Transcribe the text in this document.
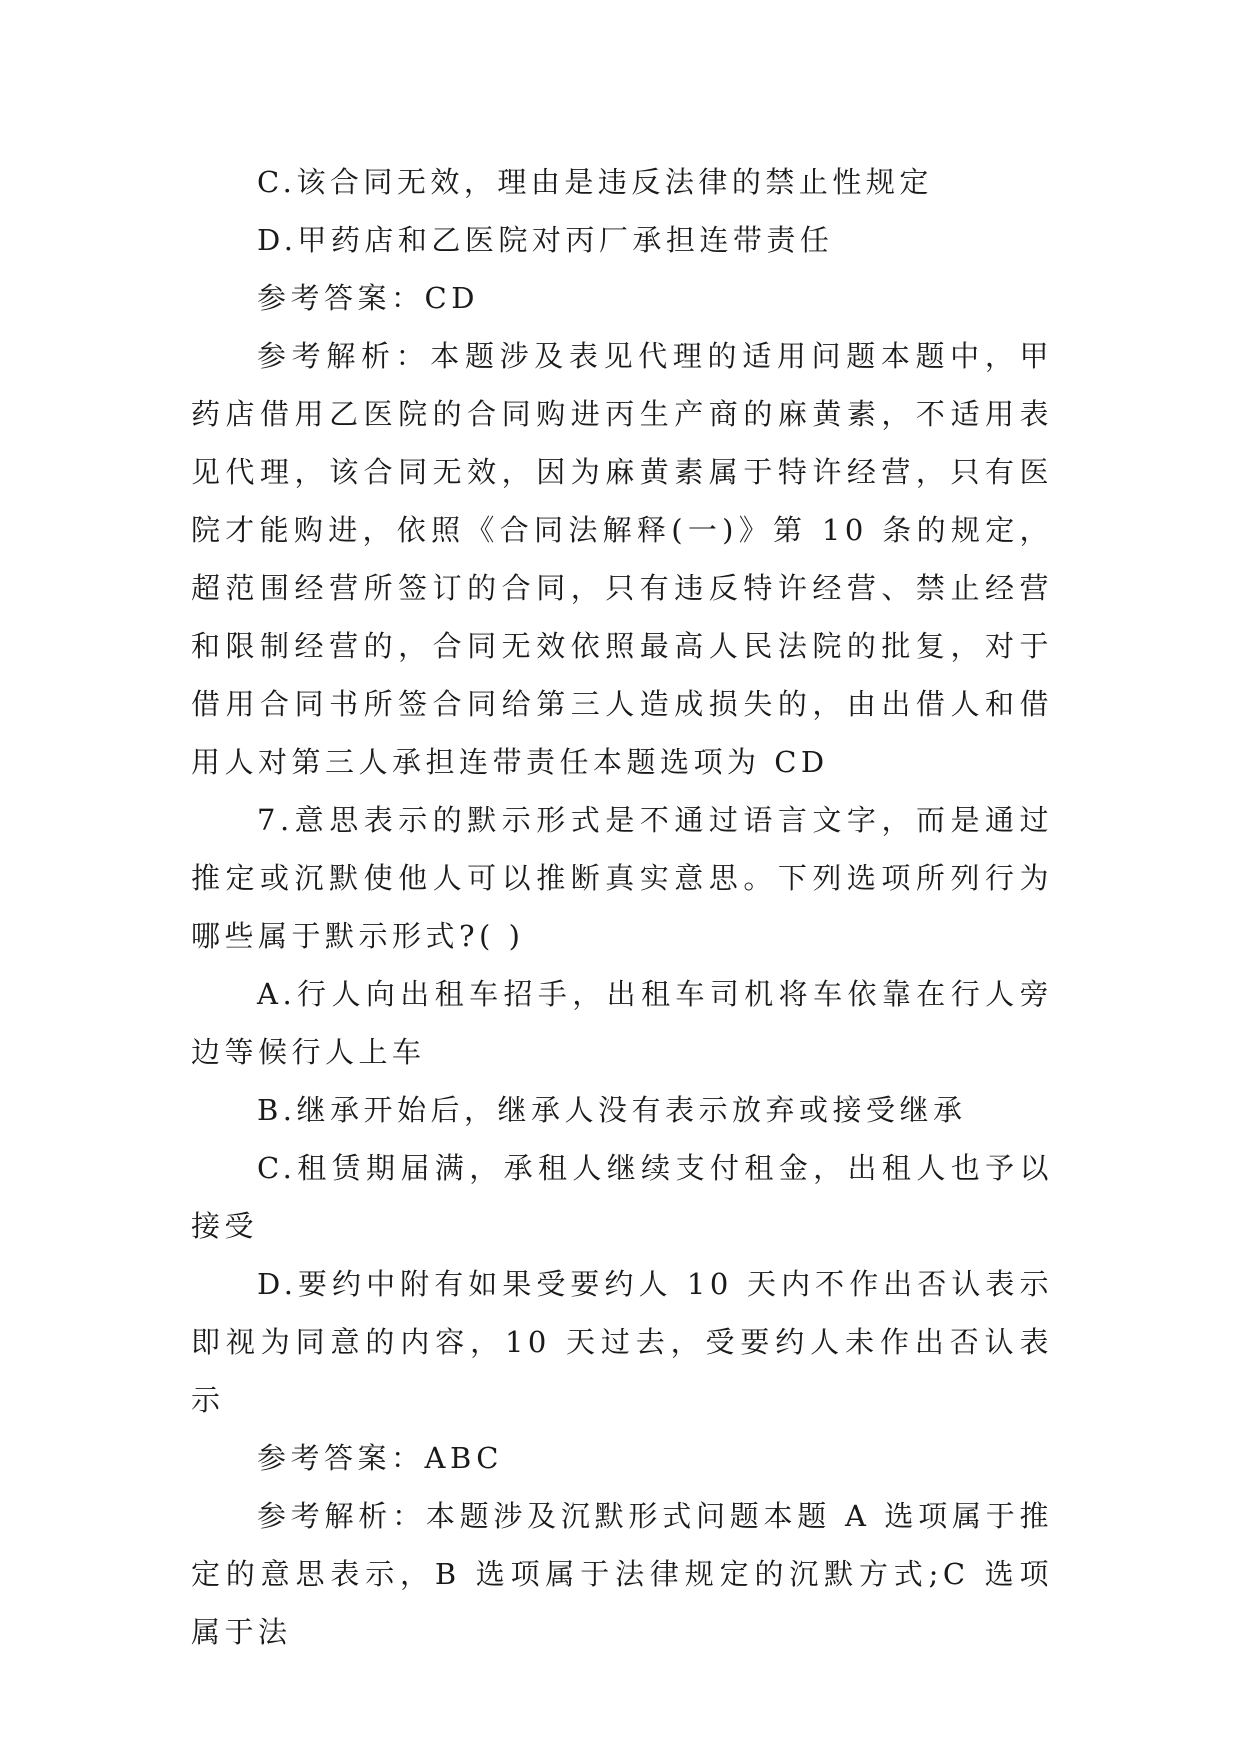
C.该合同无效，理由是违反法律的禁止性规定

D.甲药店和乙医院对丙厂承担连带责任

参考答案：CD

参考解析：本题涉及表见代理的适用问题本题中，甲药店借用乙医院的合同购进丙生产商的麻黄素，不适用表见代理，该合同无效，因为麻黄素属于特许经营，只有医院才能购进，依照《合同法解释(一)》第 10 条的规定，超范围经营所签订的合同，只有违反特许经营、禁止经营和限制经营的，合同无效依照最高人民法院的批复，对于借用合同书所签合同给第三人造成损失的，由出借人和借用人对第三人承担连带责任本题选项为 CD

7.意思表示的默示形式是不通过语言文字，而是通过推定或沉默使他人可以推断真实意思。下列选项所列行为哪些属于默示形式?( )

A.行人向出租车招手，出租车司机将车依靠在行人旁边等候行人上车

B.继承开始后，继承人没有表示放弃或接受继承

C.租赁期届满，承租人继续支付租金，出租人也予以接受

D.要约中附有如果受要约人 10 天内不作出否认表示即视为同意的内容，10 天过去，受要约人未作出否认表示

参考答案：ABC

参考解析：本题涉及沉默形式问题本题 A 选项属于推定的意思表示，B 选项属于法律规定的沉默方式;C 选项属于法
